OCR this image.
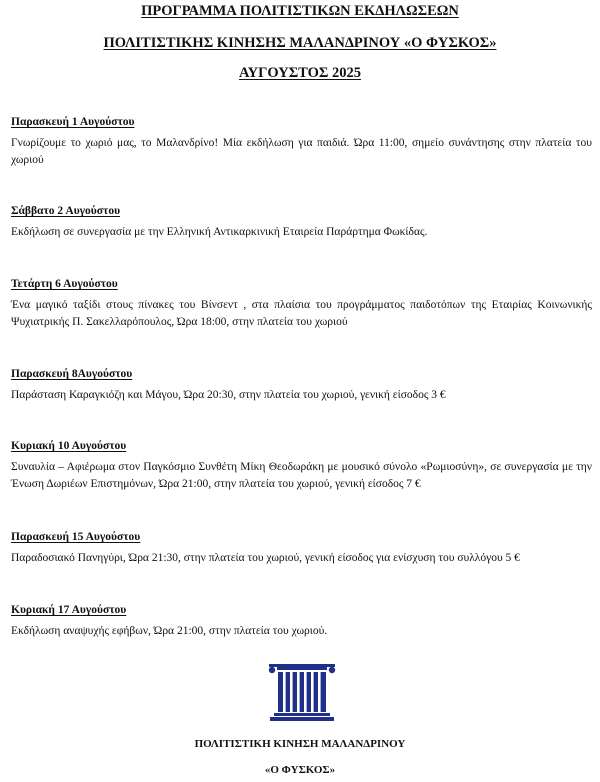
ΠΡΟΓΡΑΜΜΑ ΠΟΛΙΤΙΣΤΙΚΩΝ ΕΚΔΗΛΩΣΕΩΝ
ΠΟΛΙΤΙΣΤΙΚΗΣ ΚΙΝΗΣΗΣ ΜΑΛΑΝΔΡΙΝΟΥ «Ο ΦΥΣΚΟΣ»
ΑΥΓΟΥΣΤΟΣ 2025

Παρασκευή 1 Αυγούστου

Γνωρίζουμε το χωριό μας, το Μαλανδρίνο! Μία εκδήλωση για παιδιά. Ώρα 11:00, σημείο συνάντησης στην πλατεία του χωριού

Σάββατο 2 Αυγούστου

Εκδήλωση σε συνεργασία με την Ελληνική Αντικαρκινική Εταιρεία Παράρτημα Φωκίδας.

Τετάρτη 6 Αυγούστου

Ένα μαγικό ταξίδι στους πίνακες του Βίνσεντ , στα πλαίσια του προγράμματος παιδοτόπων της Εταιρίας Κοινωνικής Ψυχιατρικής Π. Σακελλαρόπουλος, Ώρα 18:00, στην πλατεία του χωριού

Παρασκευή 8Αυγούστου

Παράσταση Καραγκιόζη και Μάγου, Ώρα 20:30, στην πλατεία του χωριού, γενική είσοδος 3 €

Κυριακή 10 Αυγούστου

Συναυλία – Αφιέρωμα στον Παγκόσμιο Συνθέτη Μίκη Θεοδωράκη με μουσικό σύνολο «Ρωμιοσύνη», σε συνεργασία με την Ένωση Δωριέων Επιστημόνων, Ώρα 21:00, στην πλατεία του χωριού, γενική είσοδος 7 €

Παρασκευή 15 Αυγούστου

Παραδοσιακό Πανηγύρι, Ώρα 21:30, στην πλατεία του χωριού, γενική είσοδος για ενίσχυση του συλλόγου 5 €

Κυριακή 17 Αυγούστου

Εκδήλωση αναψυχής εφήβων, Ώρα 21:00, στην πλατεία του χωριού.

ΠΟΛΙΤΙΣΤΙΚΗ ΚΙΝΗΣΗ ΜΑΛΑΝΔΡΙΝΟΥ
«Ο ΦΥΣΚΟΣ»
